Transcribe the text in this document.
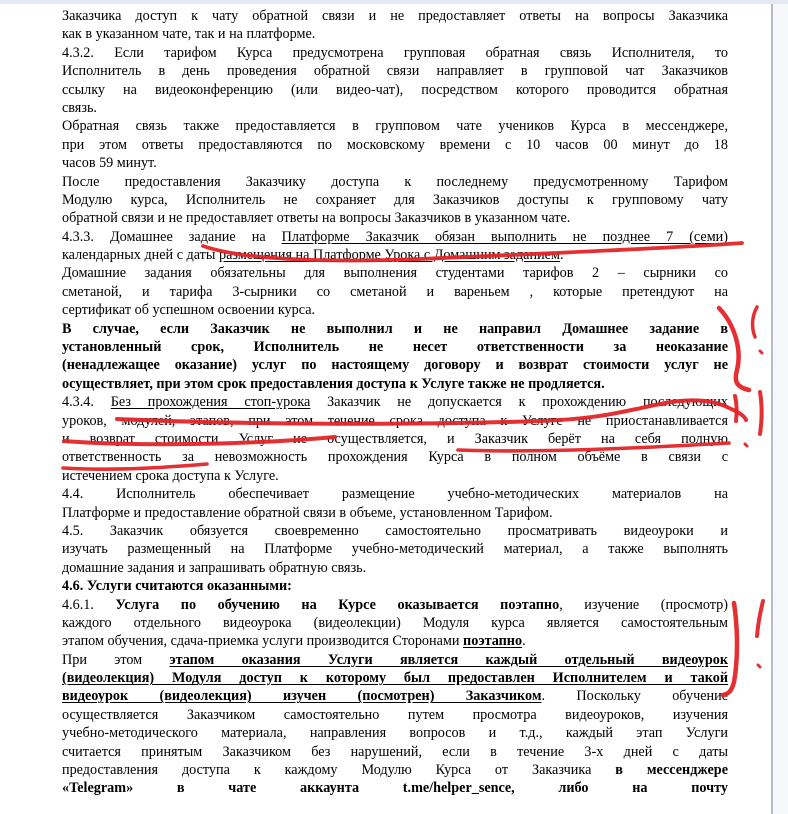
Заказчика доступ к чату обратной связи и не предоставляет ответы на вопросы Заказчика
как в указанном чате, так и на платформе.
4.3.2. Если тарифом Курса предусмотрена групповая обратная связь Исполнителя, то
Исполнитель в день проведения обратной связи направляет в групповой чат Заказчиков
ссылку на видеоконференцию (или видео-чат), посредством которого проводится обратная
связь.
Обратная связь также предоставляется в групповом чате учеников Курса в мессенджере,
при этом ответы предоставляются по московскому времени с 10 часов 00 минут до 18
часов 59 минут.
После предоставления Заказчику доступа к последнему предусмотренному Тарифом
Модулю курса, Исполнитель не сохраняет для Заказчиков доступы к групповому чату
обратной связи и не предоставляет ответы на вопросы Заказчиков в указанном чате.
4.3.3. Домашнее задание на Платформе Заказчик обязан выполнить не позднее 7 (семи)
календарных дней с даты размещения на Платформе Урока с Домашним заданием.
Домашние задания обязательны для выполнения студентами тарифов 2 – сырники со
сметаной, и тарифа 3-сырники со сметаной и вареньем , которые претендуют на
сертификат об успешном освоении курса.
В случае, если Заказчик не выполнил и не направил Домашнее задание в
установленный срок, Исполнитель не несет ответственности за неоказание
(ненадлежащее оказание) услуг по настоящему договору и возврат стоимости услуг не
осуществляет, при этом срок предоставления доступа к Услуге также не продляется.
4.3.4. Без прохождения стоп-урока Заказчик не допускается к прохождению последующих
уроков, модулей, этапов, при этом течение срока доступа к Услуге не приостанавливается
и возврат стоимости Услуг не осуществляется, и Заказчик берёт на себя полную
ответственность за невозможность прохождения Курса в полном объёме в связи с
истечением срока доступа к Услуге.
4.4. Исполнитель обеспечивает размещение учебно-методических материалов на
Платформе и предоставление обратной связи в объеме, установленном Тарифом.
4.5. Заказчик обязуется своевременно самостоятельно просматривать видеоуроки и
изучать размещенный на Платформе учебно-методический материал, а также выполнять
домашние задания и запрашивать обратную связь.
4.6. Услуги считаются оказанными:
4.6.1. Услуга по обучению на Курсе оказывается поэтапно, изучение (просмотр)
каждого отдельного видеоурока (видеолекции) Модуля курса является самостоятельным
этапом обучения, сдача-приемка услуги производится Сторонами поэтапно.
При этом этапом оказания Услуги является каждый отдельный видеоурок
(видеолекция) Модуля доступ к которому был предоставлен Исполнителем и такой
видеоурок (видеолекция) изучен (посмотрен) Заказчиком. Поскольку обучение
осуществляется Заказчиком самостоятельно путем просмотра видеоуроков, изучения
учебно-методического материала, направления вопросов и т.д., каждый этап Услуги
считается принятым Заказчиком без нарушений, если в течение 3-х дней с даты
предоставления доступа к каждому Модулю Курса от Заказчика в мессенджере
«Telegram» в чате аккаунта t.me/helper_sence, либо на почту
